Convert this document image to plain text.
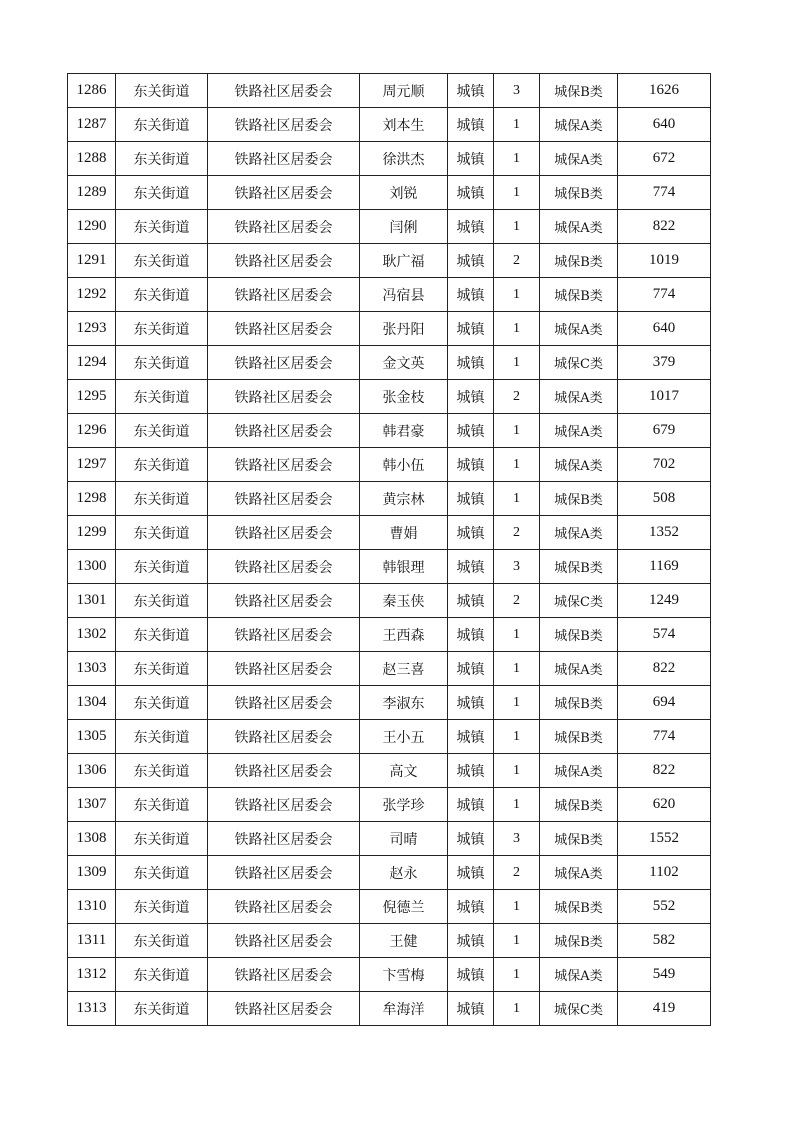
1286	东关街道	铁路社区居委会	周元顺	城镇	3	城保B类	1626
1287	东关街道	铁路社区居委会	刘本生	城镇	1	城保A类	640
1288	东关街道	铁路社区居委会	徐洪杰	城镇	1	城保A类	672
1289	东关街道	铁路社区居委会	刘锐	城镇	1	城保B类	774
1290	东关街道	铁路社区居委会	闫俐	城镇	1	城保A类	822
1291	东关街道	铁路社区居委会	耿广福	城镇	2	城保B类	1019
1292	东关街道	铁路社区居委会	冯宿县	城镇	1	城保B类	774
1293	东关街道	铁路社区居委会	张丹阳	城镇	1	城保A类	640
1294	东关街道	铁路社区居委会	金文英	城镇	1	城保C类	379
1295	东关街道	铁路社区居委会	张金枝	城镇	2	城保A类	1017
1296	东关街道	铁路社区居委会	韩君豪	城镇	1	城保A类	679
1297	东关街道	铁路社区居委会	韩小伍	城镇	1	城保A类	702
1298	东关街道	铁路社区居委会	黄宗林	城镇	1	城保B类	508
1299	东关街道	铁路社区居委会	曹娟	城镇	2	城保A类	1352
1300	东关街道	铁路社区居委会	韩银理	城镇	3	城保B类	1169
1301	东关街道	铁路社区居委会	秦玉侠	城镇	2	城保C类	1249
1302	东关街道	铁路社区居委会	王西森	城镇	1	城保B类	574
1303	东关街道	铁路社区居委会	赵三喜	城镇	1	城保A类	822
1304	东关街道	铁路社区居委会	李淑东	城镇	1	城保B类	694
1305	东关街道	铁路社区居委会	王小五	城镇	1	城保B类	774
1306	东关街道	铁路社区居委会	高文	城镇	1	城保A类	822
1307	东关街道	铁路社区居委会	张学珍	城镇	1	城保B类	620
1308	东关街道	铁路社区居委会	司晴	城镇	3	城保B类	1552
1309	东关街道	铁路社区居委会	赵永	城镇	2	城保A类	1102
1310	东关街道	铁路社区居委会	倪德兰	城镇	1	城保B类	552
1311	东关街道	铁路社区居委会	王健	城镇	1	城保B类	582
1312	东关街道	铁路社区居委会	卞雪梅	城镇	1	城保A类	549
1313	东关街道	铁路社区居委会	牟海洋	城镇	1	城保C类	419
